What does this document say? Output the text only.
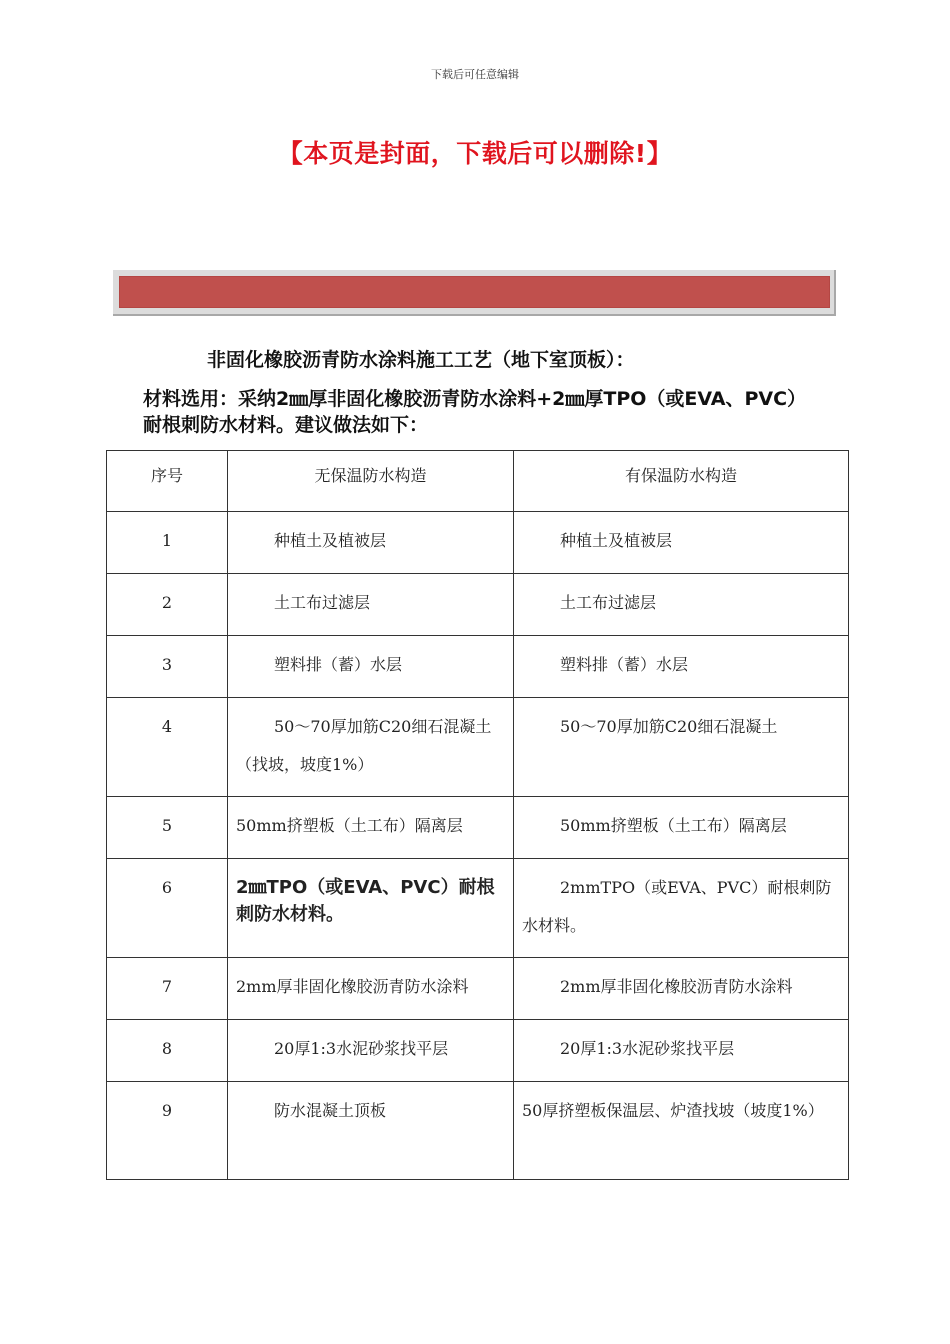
下载后可任意编辑
【本页是封面，下载后可以删除!】
非固化橡胶沥青防水涂料施工工艺（地下室顶板）：
材料选用：采纳2㎜厚非固化橡胶沥青防水涂料+2㎜厚TPO（或EVA、PVC）耐根刺防水材料。建议做法如下：
序号	无保温防水构造	有保温防水构造
1	种植土及植被层	种植土及植被层
2	土工布过滤层	土工布过滤层
3	塑料排（蓄）水层	塑料排（蓄）水层
4	50～70厚加筋C20细石混凝土（找坡，坡度1%）	50～70厚加筋C20细石混凝土
5	50mm挤塑板（土工布）隔离层	50mm挤塑板（土工布）隔离层
6	2㎜TPO（或EVA、PVC）耐根刺防水材料。	2mmTPO（或EVA、PVC）耐根刺防水材料。
7	2mm厚非固化橡胶沥青防水涂料	2mm厚非固化橡胶沥青防水涂料
8	20厚1:3水泥砂浆找平层	20厚1:3水泥砂浆找平层
9	防水混凝土顶板	50厚挤塑板保温层、炉渣找坡（坡度1%）
